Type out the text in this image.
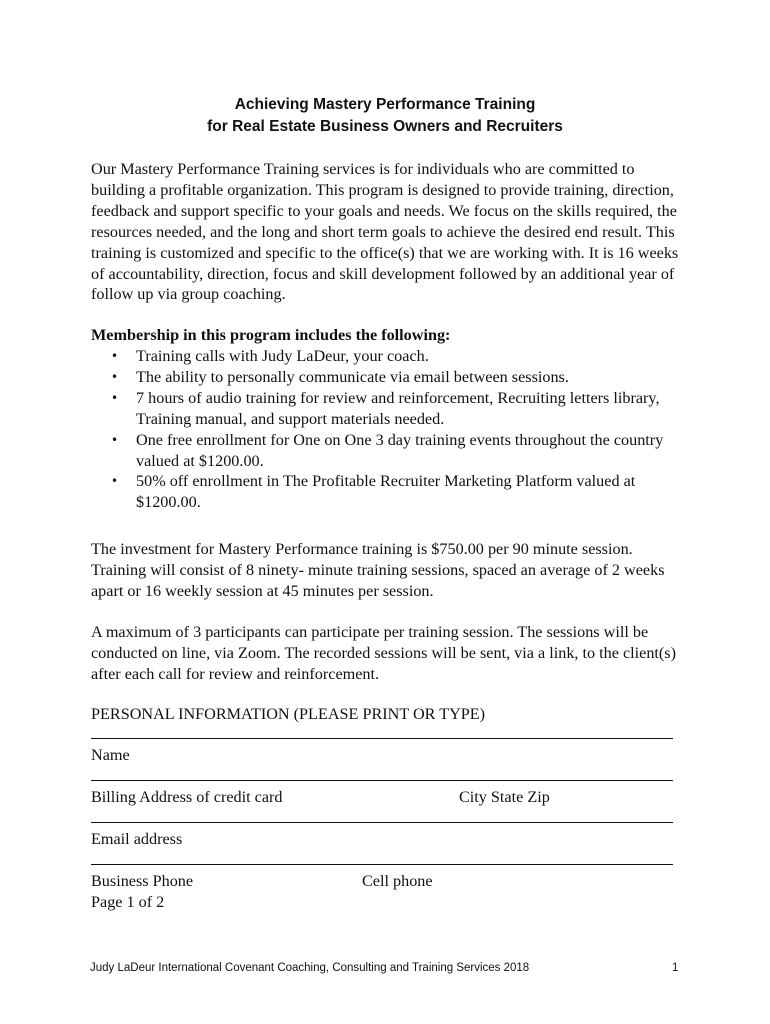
Achieving Mastery Performance Training
for Real Estate Business Owners and Recruiters

Our Mastery Performance Training services is for individuals who are committed to building a profitable organization. This program is designed to provide training, direction, feedback and support specific to your goals and needs. We focus on the skills required, the resources needed, and the long and short term goals to achieve the desired end result. This training is customized and specific to the office(s) that we are working with. It is 16 weeks of accountability, direction, focus and skill development followed by an additional year of follow up via group coaching.

Membership in this program includes the following:

• Training calls with Judy LaDeur, your coach.
• The ability to personally communicate via email between sessions.
• 7 hours of audio training for review and reinforcement, Recruiting letters library, Training manual, and support materials needed.
• One free enrollment for One on One 3 day training events throughout the country valued at $1200.00.
• 50% off enrollment in The Profitable Recruiter Marketing Platform valued at $1200.00.

The investment for Mastery Performance training is $750.00 per 90 minute session. Training will consist of 8 ninety- minute training sessions, spaced an average of 2 weeks apart or 16 weekly session at 45 minutes per session.

A maximum of 3 participants can participate per training session. The sessions will be conducted on line, via Zoom. The recorded sessions will be sent, via a link, to the client(s) after each call for review and reinforcement.

PERSONAL INFORMATION (PLEASE PRINT OR TYPE)
Name
Billing Address of credit card	City State Zip
Email address
Business Phone	Cell phone
Page 1 of 2
Judy LaDeur International Covenant Coaching, Consulting and Training Services 2018	1
